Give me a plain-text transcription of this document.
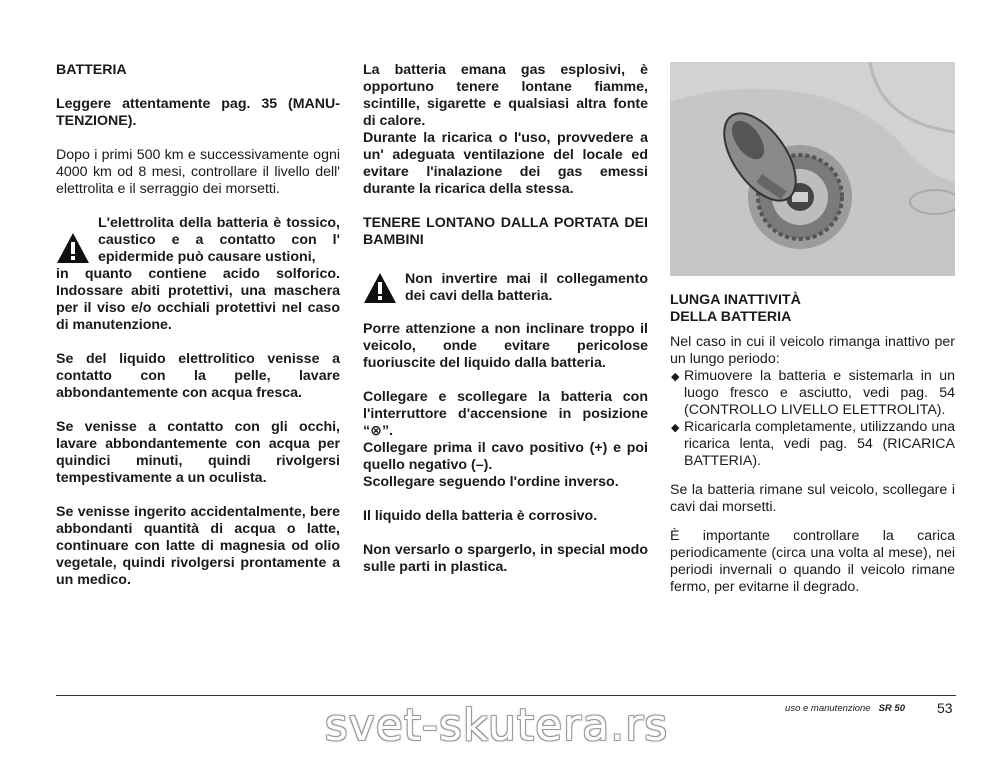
BATTERIA

Leggere attentamente pag. 35 (MANU-TENZIONE).

Dopo i primi 500 km e successivamente ogni 4000 km od 8 mesi, controllare il livello dell' elettrolita e il serraggio dei morsetti.

L'elettrolita della batteria è tossico, caustico e a contatto con l' epidermide può causare ustioni,

in quanto contiene acido solforico. Indossare abiti protettivi, una maschera per il viso e/o occhiali protettivi nel caso di manutenzione.

Se del liquido elettrolitico venisse a contatto con la pelle, lavare abbondantemente con acqua fresca.

Se venisse a contatto con gli occhi, lavare abbondantemente con acqua per quindici minuti, quindi rivolgersi tempestivamente a un oculista.

Se venisse ingerito accidentalmente, bere abbondanti quantità di acqua o latte, continuare con latte di magnesia od olio vegetale, quindi rivolgersi prontamente a un medico.

La batteria emana gas esplosivi, è opportuno tenere lontane fiamme, scintille, sigarette e qualsiasi altra fonte di calore.

Durante la ricarica o l'uso, provvedere a un' adeguata ventilazione del locale ed evitare l'inalazione dei gas emessi durante la ricarica della stessa.

TENERE LONTANO DALLA PORTATA DEI BAMBINI

Non invertire mai il collegamento dei cavi della batteria.

Porre attenzione a non inclinare troppo il veicolo, onde evitare pericolose fuoriuscite del liquido dalla batteria.

Collegare e scollegare la batteria con l'interruttore d'accensione in posizione “⊗”.

Collegare prima il cavo positivo (+) e poi quello negativo (–).

Scollegare seguendo l'ordine inverso.

Il liquido della batteria è corrosivo.

Non versarlo o spargerlo, in special modo sulle parti in plastica.

LUNGA INATTIVITÀ

DELLA BATTERIA

Nel caso in cui il veicolo rimanga inattivo per un lungo periodo:

◆ Rimuovere la batteria e sistemarla in un luogo fresco e asciutto, vedi pag. 54 (CONTROLLO LIVELLO ELETTROLITA).
◆ Ricaricarla completamente, utilizzando una ricarica lenta, vedi pag. 54 (RICARICA BATTERIA).

Se la batteria rimane sul veicolo, scollegare i cavi dai morsetti.

È importante controllare la carica periodicamente (circa una volta al mese), nei periodi invernali o quando il veicolo rimane fermo, per evitarne il degrado.

uso e manutenzione SR 50 53
svet-skutera.rs
